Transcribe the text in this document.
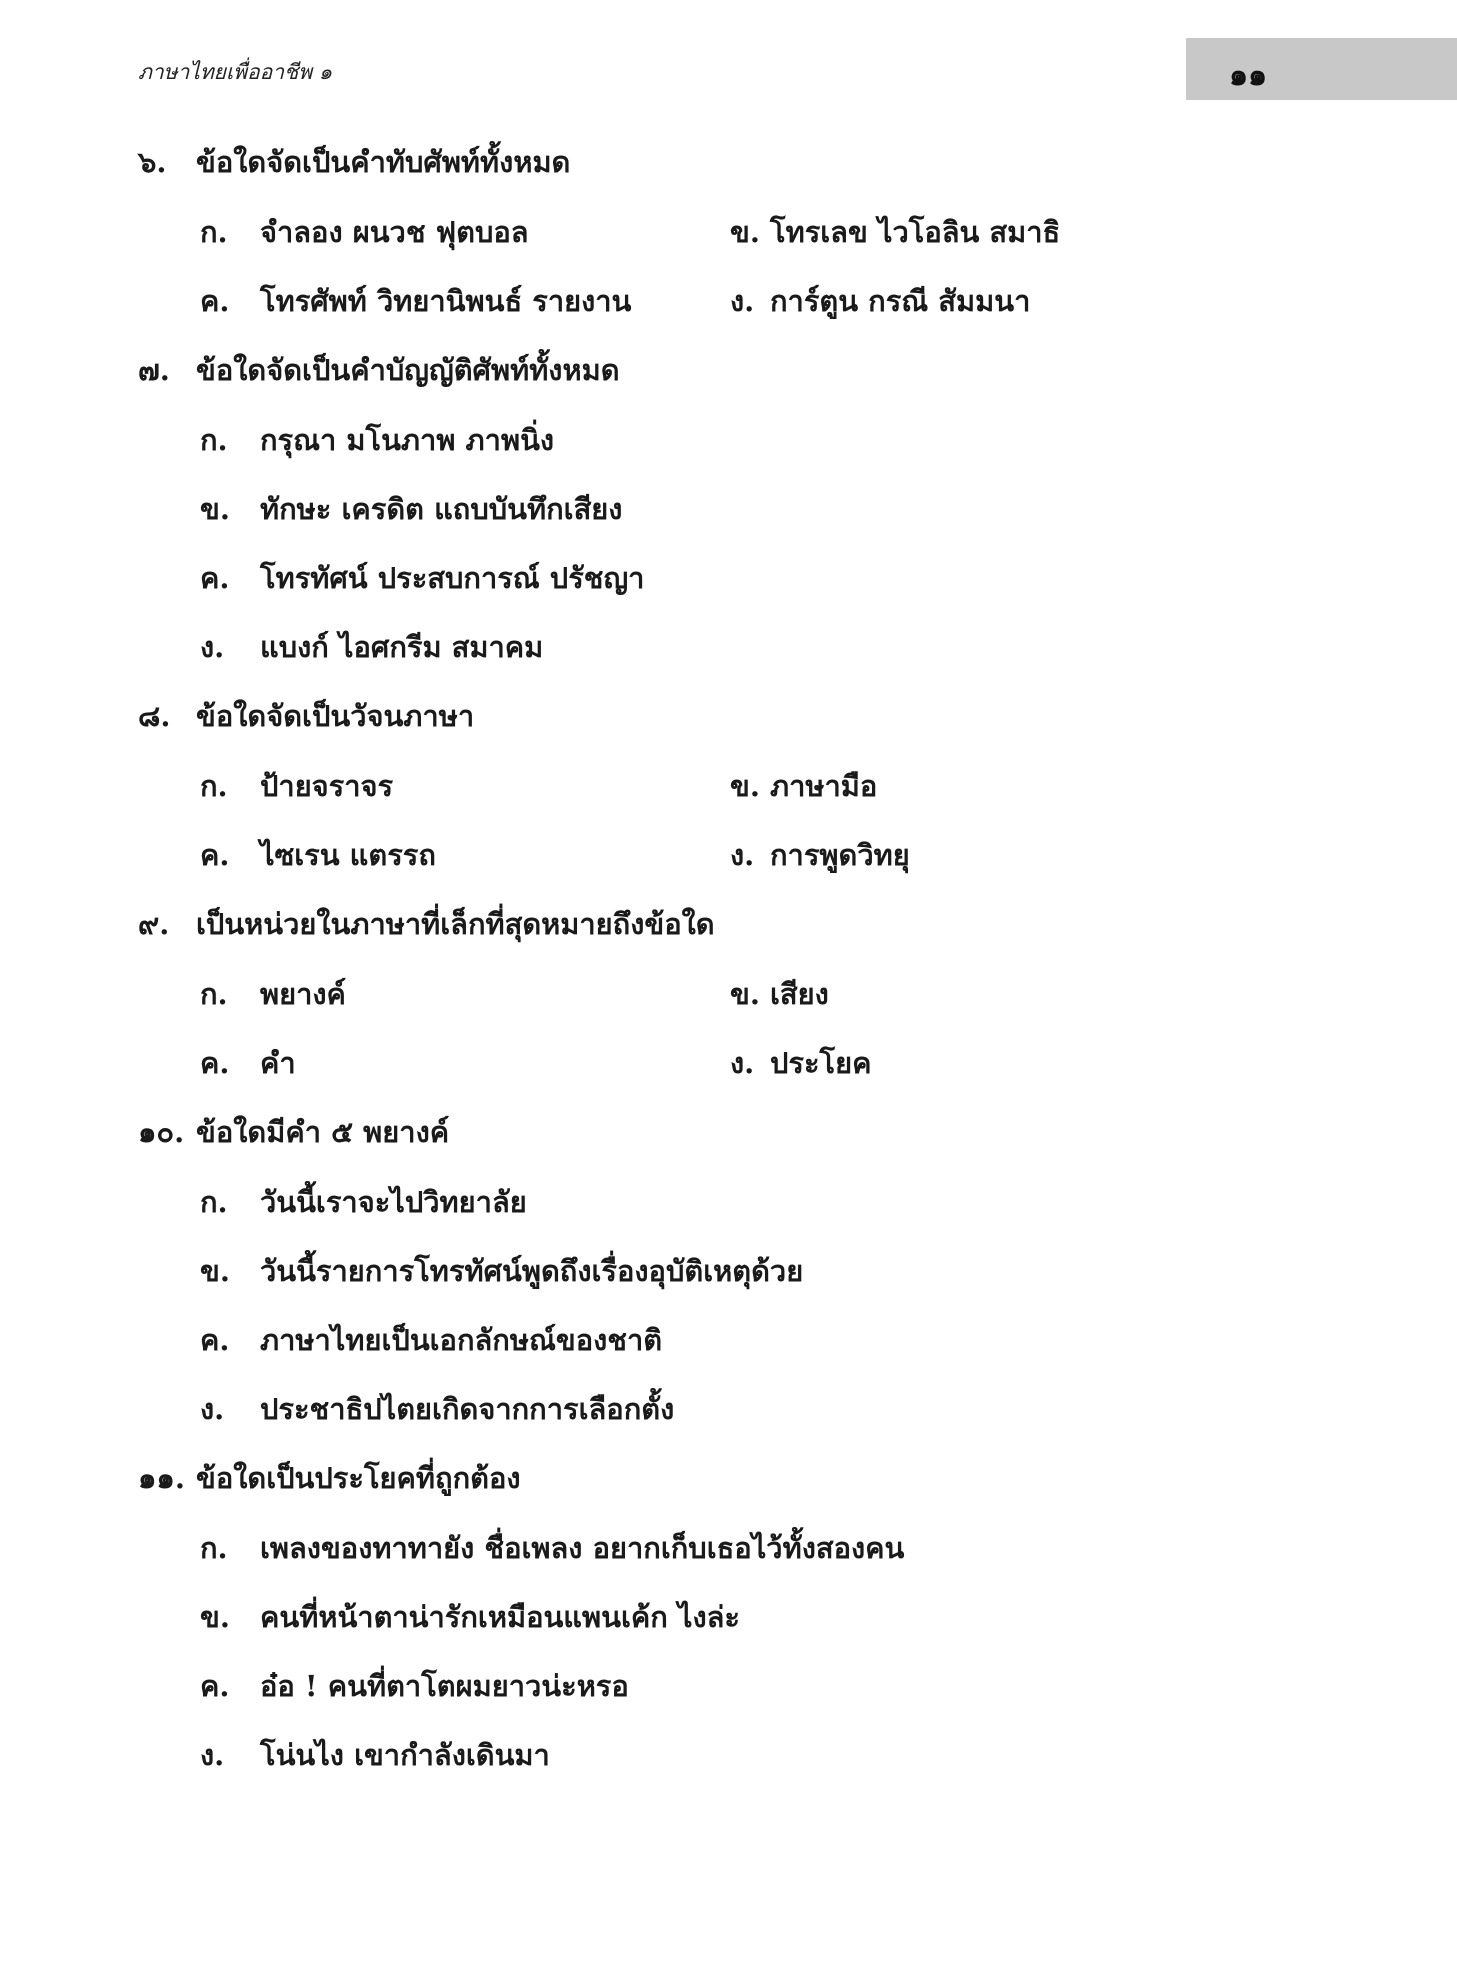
ภาษาไทยเพื่ออาชีพ ๑	๑๑
๖. ข้อใดจัดเป็นคำทับศัพท์ทั้งหมด
ก. จำลอง ผนวช ฟุตบอล	ข. โทรเลข ไวโอลิน สมาธิ
ค. โทรศัพท์ วิทยานิพนธ์ รายงาน	ง. การ์ตูน กรณี สัมมนา
๗. ข้อใดจัดเป็นคำบัญญัติศัพท์ทั้งหมด
ก. กรุณา มโนภาพ ภาพนิ่ง
ข. ทักษะ เครดิต แถบบันทึกเสียง
ค. โทรทัศน์ ประสบการณ์ ปรัชญา
ง. แบงก์ ไอศกรีม สมาคม
๘. ข้อใดจัดเป็นวัจนภาษา
ก. ป้ายจราจร	ข. ภาษามือ
ค. ไซเรน แตรรถ	ง. การพูดวิทยุ
๙. เป็นหน่วยในภาษาที่เล็กที่สุดหมายถึงข้อใด
ก. พยางค์	ข. เสียง
ค. คำ	ง. ประโยค
๑๐. ข้อใดมีคำ ๕ พยางค์
ก. วันนี้เราจะไปวิทยาลัย
ข. วันนี้รายการโทรทัศน์พูดถึงเรื่องอุบัติเหตุด้วย
ค. ภาษาไทยเป็นเอกลักษณ์ของชาติ
ง. ประชาธิปไตยเกิดจากการเลือกตั้ง
๑๑. ข้อใดเป็นประโยคที่ถูกต้อง
ก. เพลงของทาทายัง ชื่อเพลง อยากเก็บเธอไว้ทั้งสองคน
ข. คนที่หน้าตาน่ารักเหมือนแพนเค้ก ไงล่ะ
ค. อ๋อ ! คนที่ตาโตผมยาวน่ะหรอ
ง. โน่นไง เขากำลังเดินมา
